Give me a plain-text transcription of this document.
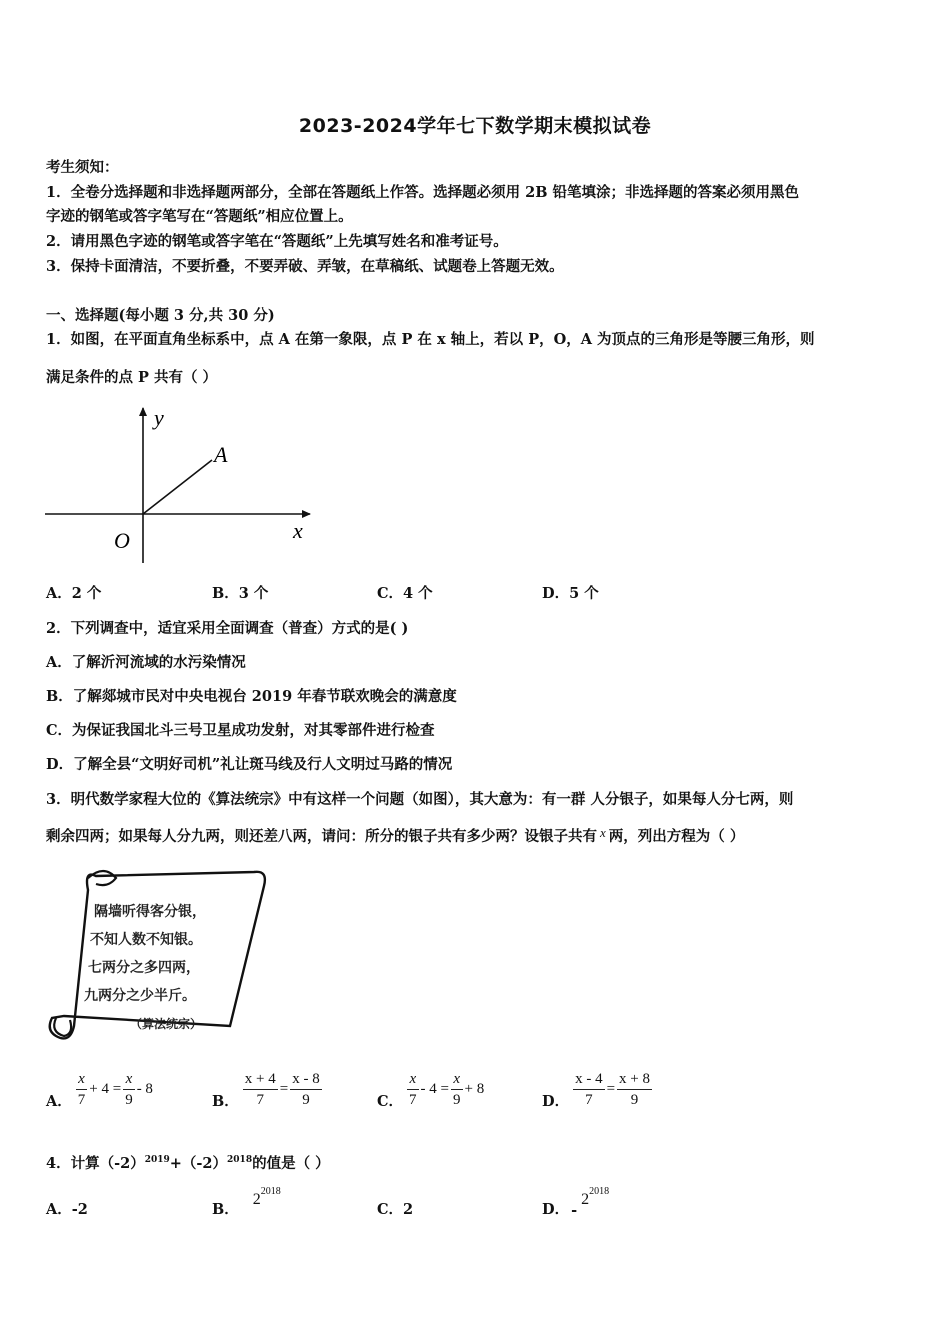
2023-2024学年七下数学期末模拟试卷
考生须知：
1．全卷分选择题和非选择题两部分，全部在答题纸上作答。选择题必须用 2B 铅笔填涂；非选择题的答案必须用黑色
字迹的钢笔或答字笔写在“答题纸”相应位置上。
2．请用黑色字迹的钢笔或答字笔在“答题纸”上先填写姓名和准考证号。
3．保持卡面清洁，不要折叠，不要弄破、弄皱，在草稿纸、试题卷上答题无效。
一、选择题(每小题 3 分,共 30 分)
1．如图，在平面直角坐标系中，点 A 在第一象限，点 P 在 x 轴上，若以 P，O，A 为顶点的三角形是等腰三角形，则
满足条件的点 P 共有（ ）
y
A
x
O
A．2 个	B．3 个	C．4 个	D．5 个
2．下列调查中，适宜采用全面调查（普查）方式的是( )
A．了解沂河流域的水污染情况
B．了解郯城市民对中央电视台 2019 年春节联欢晚会的满意度
C．为保证我国北斗三号卫星成功发射，对其零部件进行检查
D．了解全县“文明好司机”礼让斑马线及行人文明过马路的情况
3．明代数学家程大位的《算法统宗》中有这样一个问题（如图），其大意为：有一群 人分银子，如果每人分七两，则
剩余四两；如果每人分九两，则还差八两，请问：所分的银子共有多少两？设银子共有 x 两，列出方程为（ ）
隔墙听得客分银，
不知人数不知银。
七两分之多四两，
九两分之少半斤。
（算法统宗）
A． $\frac{x}{7} + 4 = \frac{x}{9} - 8$
B． $\frac{x + 4}{7} = \frac{x - 8}{9}$	C． $\frac{x}{7} - 4 = \frac{x}{9} + 8$
D． $\frac{x - 4}{7} = \frac{x + 8}{9}$
4．计算$(-2)^{2019}+(-2)^{2018}$的值是（ ）
A．-2	B．
2 2018
C．2	D． -
2 2018
